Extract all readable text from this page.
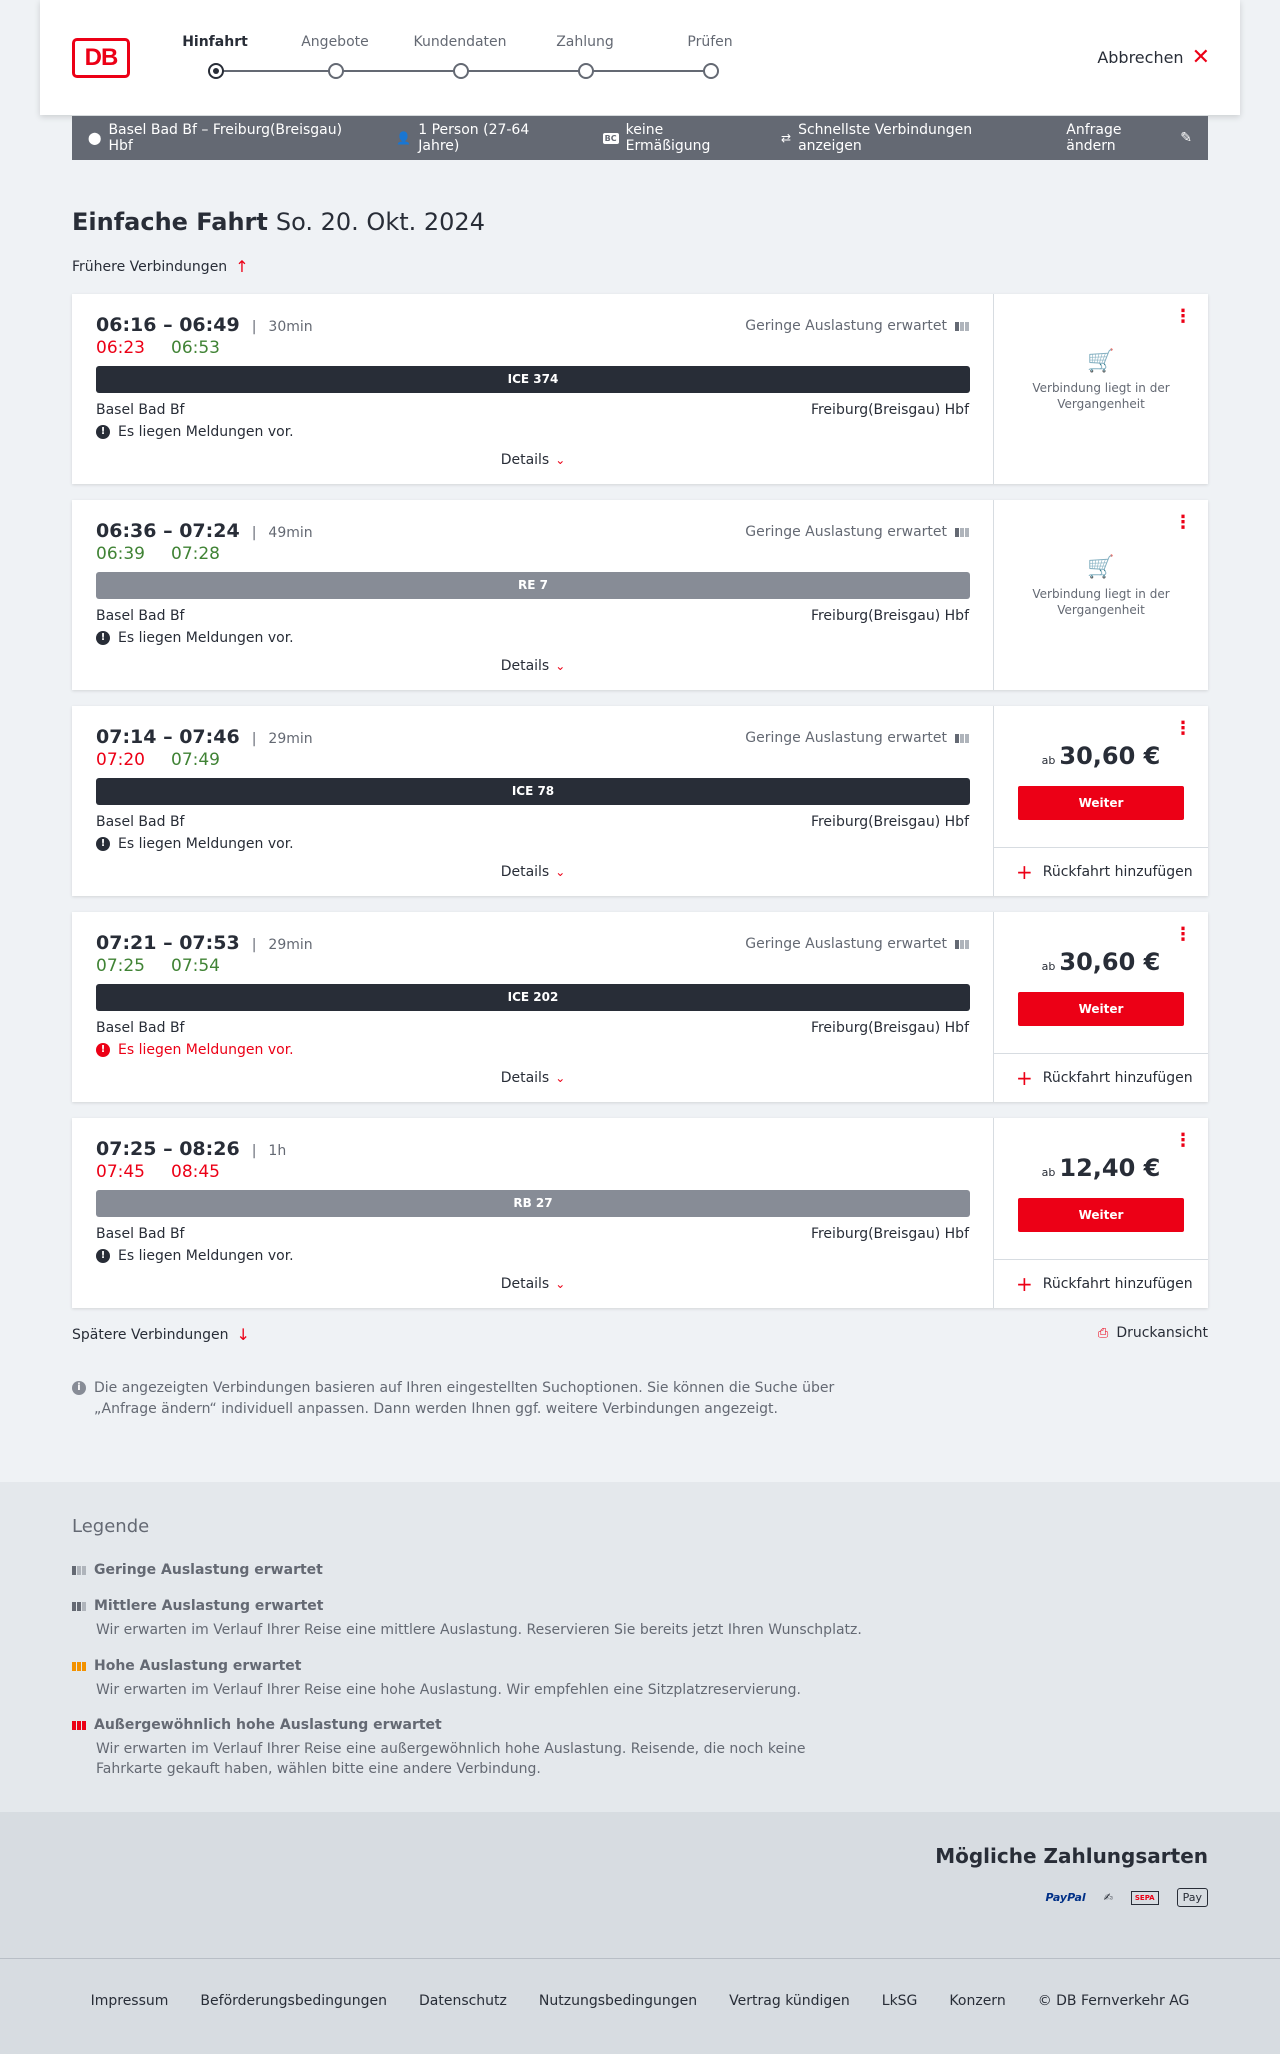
DB
Hinfahrt	Angebote	Kundendaten	Zahlung	Prüfen
Abbrechen ✕
⬤ Basel Bad Bf – Freiburg(Breisgau) Hbf	👤 1 Person (27-64 Jahre)	BC keine Ermäßigung	⇄ Schnellste Verbindungen anzeigen
Anfrage ändern	✎
Einfache Fahrt So. 20. Okt. 2024
Frühere Verbindungen ↑
06:16 – 06:49	| 30min	Geringe Auslastung erwartet
06:23 06:53
ICE 374
Basel Bad Bf	Freiburg(Breisgau) Hbf
! Es liegen Meldungen vor.
Details ⌄
⋮
🛒
Verbindung liegt in der Vergangenheit
06:36 – 07:24	| 49min	Geringe Auslastung erwartet
06:39 07:28
RE 7
Basel Bad Bf	Freiburg(Breisgau) Hbf
! Es liegen Meldungen vor.
Details ⌄
⋮
🛒
Verbindung liegt in der Vergangenheit
07:14 – 07:46	| 29min	Geringe Auslastung erwartet
07:20 07:49
ICE 78
Basel Bad Bf	Freiburg(Breisgau) Hbf
! Es liegen Meldungen vor.
Details ⌄
⋮
ab 30,60 €
Weiter
+ Rückfahrt hinzufügen
07:21 – 07:53	| 29min	Geringe Auslastung erwartet
07:25 07:54
ICE 202
Basel Bad Bf	Freiburg(Breisgau) Hbf
! Es liegen Meldungen vor.
Details ⌄
⋮
ab 30,60 €
Weiter
+ Rückfahrt hinzufügen
07:25 – 08:26	| 1h
07:45 08:45
RB 27
Basel Bad Bf	Freiburg(Breisgau) Hbf
! Es liegen Meldungen vor.
Details ⌄
⋮
ab 12,40 €
Weiter
+ Rückfahrt hinzufügen
Spätere Verbindungen ↓	⎙ Druckansicht
i Die angezeigten Verbindungen basieren auf Ihren eingestellten Suchoptionen. Sie können die Suche über „Anfrage ändern“ individuell anpassen. Dann werden Ihnen ggf. weitere Verbindungen angezeigt.
Legende
Geringe Auslastung erwartet
Mittlere Auslastung erwartet
Wir erwarten im Verlauf Ihrer Reise eine mittlere Auslastung. Reservieren Sie bereits jetzt Ihren Wunschplatz.
Hohe Auslastung erwartet
Wir erwarten im Verlauf Ihrer Reise eine hohe Auslastung. Wir empfehlen eine Sitzplatzreservierung.
Außergewöhnlich hohe Auslastung erwartet
Wir erwarten im Verlauf Ihrer Reise eine außergewöhnlich hohe Auslastung. Reisende, die noch keine Fahrkarte gekauft haben, wählen bitte eine andere Verbindung.
Mögliche Zahlungsarten
PayPal ✍	SEPA	Pay
Impressum Beförderungsbedingungen Datenschutz Nutzungsbedingungen Vertrag kündigen LkSG Konzern © DB Fernverkehr AG
